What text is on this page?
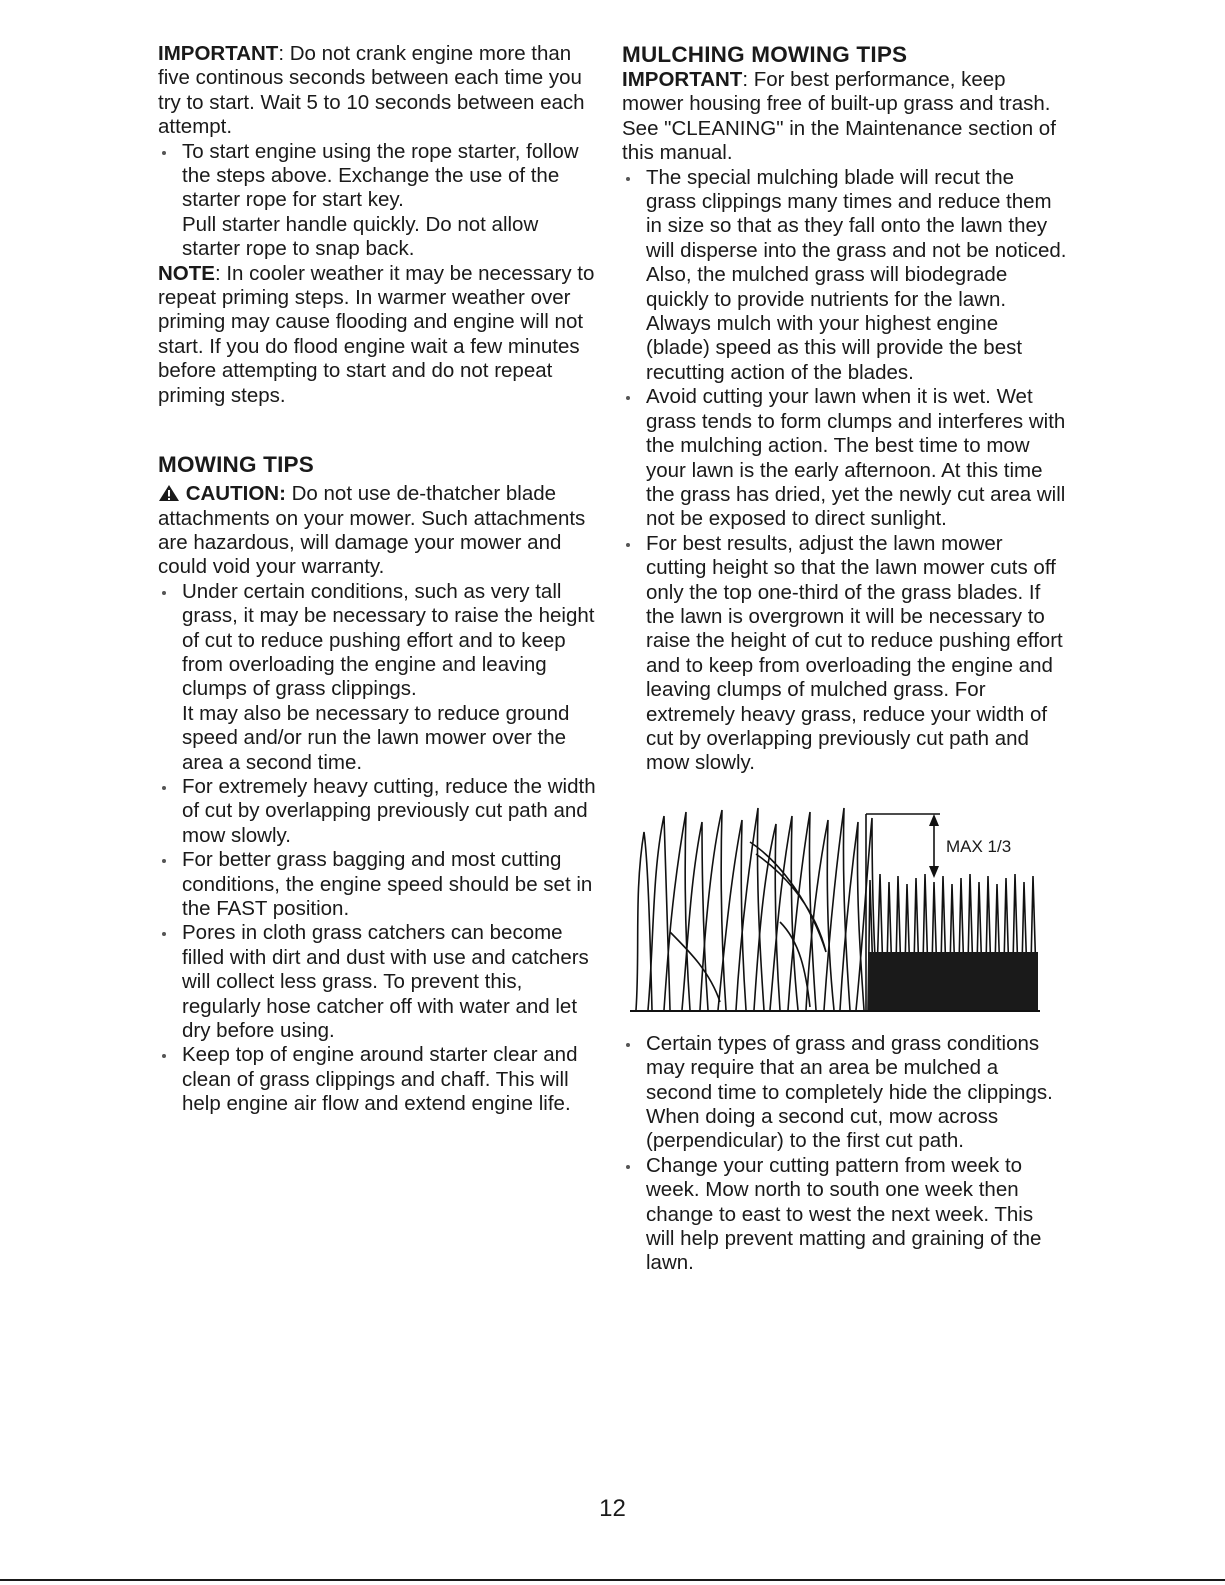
IMPORTANT: Do not crank engine more than five continous seconds between each time you try to start. Wait 5 to 10 seconds between each attempt.

To start engine using the rope starter, follow the steps above. Exchange the use of the starter rope for start key.
Pull starter handle quickly. Do not allow starter rope to snap back.

NOTE: In cooler weather it may be necessary to repeat priming steps. In warmer weather over priming may cause flooding and engine will not start. If you do flood engine wait a few minutes before attempting to start and do not repeat priming steps.

MOWING TIPS

CAUTION: Do not use de-thatcher blade attachments on your mower. Such attachments are hazardous, will damage your mower and could void your warranty.

Under certain conditions, such as very tall grass, it may be necessary to raise the height of cut to reduce pushing effort and to keep from overloading the engine and leaving clumps of grass clippings.
It may also be necessary to reduce ground speed and/or run the lawn mower over the area a second time.
For extremely heavy cutting, reduce the width of cut by overlapping previously cut path and mow slowly.
For better grass bagging and most cutting conditions, the engine speed should be set in the FAST position.
Pores in cloth grass catchers can become filled with dirt and dust with use and catchers will collect less grass. To prevent this, regularly hose catcher off with water and let dry before using.
Keep top of engine around starter clear and clean of grass clippings and chaff. This will help engine air flow and extend engine life.
MULCHING MOWING TIPS

IMPORTANT: For best performance, keep mower housing free of built-up grass and trash. See "CLEANING" in the Maintenance section of this manual.

The special mulching blade will recut the grass clippings many times and reduce them in size so that as they fall onto the lawn they will disperse into the grass and not be noticed. Also, the mulched grass will biodegrade quickly to provide nutrients for the lawn. Always mulch with your highest engine (blade) speed as this will provide the best recutting action of the blades.
Avoid cutting your lawn when it is wet. Wet grass tends to form clumps and interferes with the mulching action. The best time to mow your lawn is the early afternoon. At this time the grass has dried, yet the newly cut area will not be exposed to direct sunlight.
For best results, adjust the lawn mower cutting height so that the lawn mower cuts off only the top one-third of the grass blades. If the lawn is overgrown it will be necessary to raise the height of cut to reduce pushing effort and to keep from overloading the engine and leaving clumps of mulched grass. For extremely heavy grass, reduce your width of cut by overlapping previously cut path and mow slowly.
MAX 1/3
Certain types of grass and grass conditions may require that an area be mulched a second time to completely hide the clippings. When doing a second cut, mow across (perpendicular) to the first cut path.
Change your cutting pattern from week to week. Mow north to south one week then change to east to west the next week. This will help prevent matting and graining of the lawn.
12
